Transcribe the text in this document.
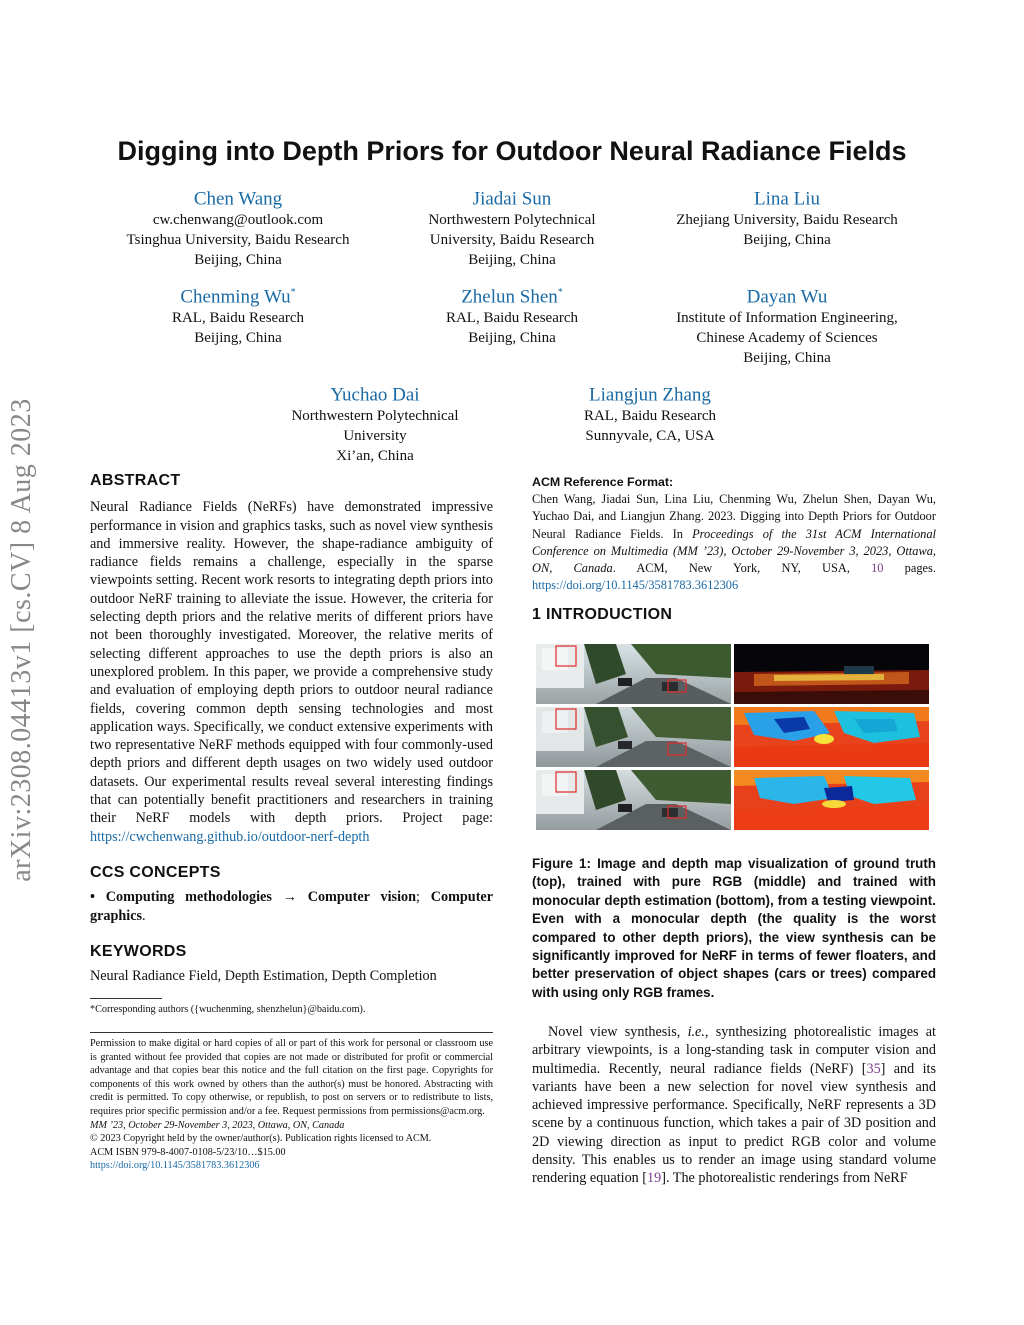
arXiv:2308.04413v1 [cs.CV] 8 Aug 2023
Digging into Depth Priors for Outdoor Neural Radiance Fields
Chen Wang
cw.chenwang@outlook.com
Tsinghua University, Baidu Research
Beijing, China
Jiadai Sun
Northwestern Polytechnical
University, Baidu Research
Beijing, China
Lina Liu
Zhejiang University, Baidu Research
Beijing, China
Chenming Wu*
RAL, Baidu Research
Beijing, China
Zhelun Shen*
RAL, Baidu Research
Beijing, China
Dayan Wu
Institute of Information Engineering,
Chinese Academy of Sciences
Beijing, China
Yuchao Dai
Northwestern Polytechnical
University
Xi’an, China
Liangjun Zhang
RAL, Baidu Research
Sunnyvale, CA, USA
ABSTRACT

Neural Radiance Fields (NeRFs) have demonstrated impressive performance in vision and graphics tasks, such as novel view synthesis and immersive reality. However, the shape-radiance ambiguity of radiance fields remains a challenge, especially in the sparse viewpoints setting. Recent work resorts to integrating depth priors into outdoor NeRF training to alleviate the issue. However, the criteria for selecting depth priors and the relative merits of different priors have not been thoroughly investigated. Moreover, the relative merits of selecting different approaches to use the depth priors is also an unexplored problem. In this paper, we provide a comprehensive study and evaluation of employing depth priors to outdoor neural radiance fields, covering common depth sensing technologies and most application ways. Specifically, we conduct extensive experiments with two representative NeRF methods equipped with four commonly-used depth priors and different depth usages on two widely used outdoor datasets. Our experimental results reveal several interesting findings that can potentially benefit practitioners and researchers in training their NeRF models with depth priors. Project page: https://cwchenwang.github.io/outdoor-nerf-depth

CCS CONCEPTS

• Computing methodologies → Computer vision; Computer graphics.

KEYWORDS

Neural Radiance Field, Depth Estimation, Depth Completion

*Corresponding authors ({wuchenming, shenzhelun}@baidu.com).

Permission to make digital or hard copies of all or part of this work for personal or classroom use is granted without fee provided that copies are not made or distributed for profit or commercial advantage and that copies bear this notice and the full citation on the first page. Copyrights for components of this work owned by others than the author(s) must be honored. Abstracting with credit is permitted. To copy otherwise, or republish, to post on servers or to redistribute to lists, requires prior specific permission and/or a fee. Request permissions from permissions@acm.org.

MM ’23, October 29-November 3, 2023, Ottawa, ON, Canada

© 2023 Copyright held by the owner/author(s). Publication rights licensed to ACM.

ACM ISBN 979-8-4007-0108-5/23/10…$15.00

https://doi.org/10.1145/3581783.3612306

ACM Reference Format:

Chen Wang, Jiadai Sun, Lina Liu, Chenming Wu, Zhelun Shen, Dayan Wu, Yuchao Dai, and Liangjun Zhang. 2023. Digging into Depth Priors for Outdoor Neural Radiance Fields. In Proceedings of the 31st ACM International Conference on Multimedia (MM ’23), October 29-November 3, 2023, Ottawa, ON, Canada. ACM, New York, NY, USA, 10 pages. https://doi.org/10.1145/3581783.3612306

1 INTRODUCTION

Figure 1: Image and depth map visualization of ground truth (top), trained with pure RGB (middle) and trained with monocular depth estimation (bottom), from a testing viewpoint. Even with a monocular depth (the quality is the worst compared to other depth priors), the view synthesis can be significantly improved for NeRF in terms of fewer floaters, and better preservation of object shapes (cars or trees) compared with using only RGB frames.

Novel view synthesis, i.e., synthesizing photorealistic images at arbitrary viewpoints, is a long-standing task in computer vision and multimedia. Recently, neural radiance fields (NeRF) [35] and its variants have been a new selection for novel view synthesis and achieved impressive performance. Specifically, NeRF represents a 3D scene by a continuous function, which takes a pair of 3D position and 2D viewing direction as input to predict RGB color and volume density. This enables us to render an image using standard volume rendering equation [19]. The photorealistic renderings from NeRF
